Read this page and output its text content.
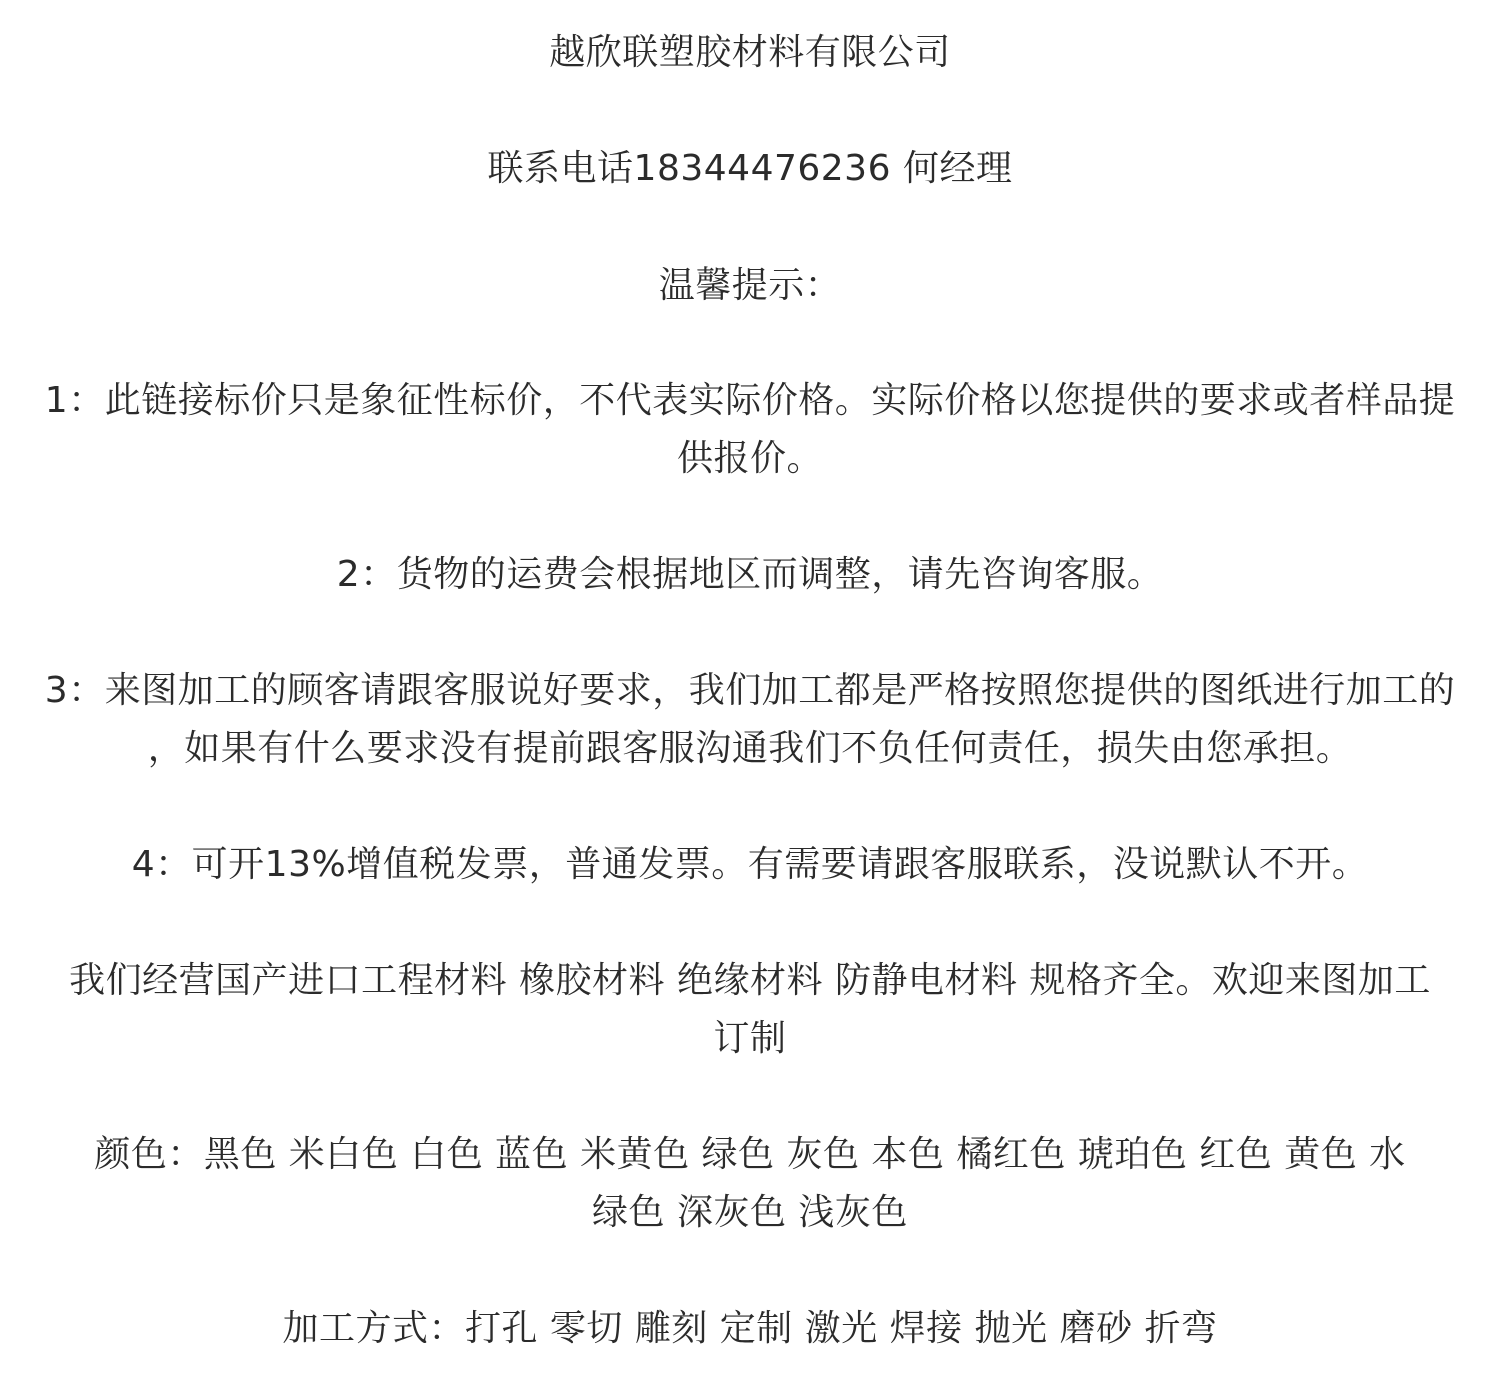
越欣联塑胶材料有限公司
联系电话18344476236 何经理
温馨提示：
1：此链接标价只是象征性标价，不代表实际价格。实际价格以您提供的要求或者样品提
供报价。
2：货物的运费会根据地区而调整，请先咨询客服。
3：来图加工的顾客请跟客服说好要求，我们加工都是严格按照您提供的图纸进行加工的
，如果有什么要求没有提前跟客服沟通我们不负任何责任，损失由您承担。
4：可开13%增值税发票，普通发票。有需要请跟客服联系，没说默认不开。
我们经营国产进口工程材料 橡胶材料 绝缘材料 防静电材料 规格齐全。欢迎来图加工
订制
颜色：黑色 米白色 白色 蓝色 米黄色 绿色 灰色 本色 橘红色 琥珀色 红色 黄色 水
绿色 深灰色 浅灰色
加工方式：打孔 零切 雕刻 定制 激光 焊接 抛光 磨砂 折弯
